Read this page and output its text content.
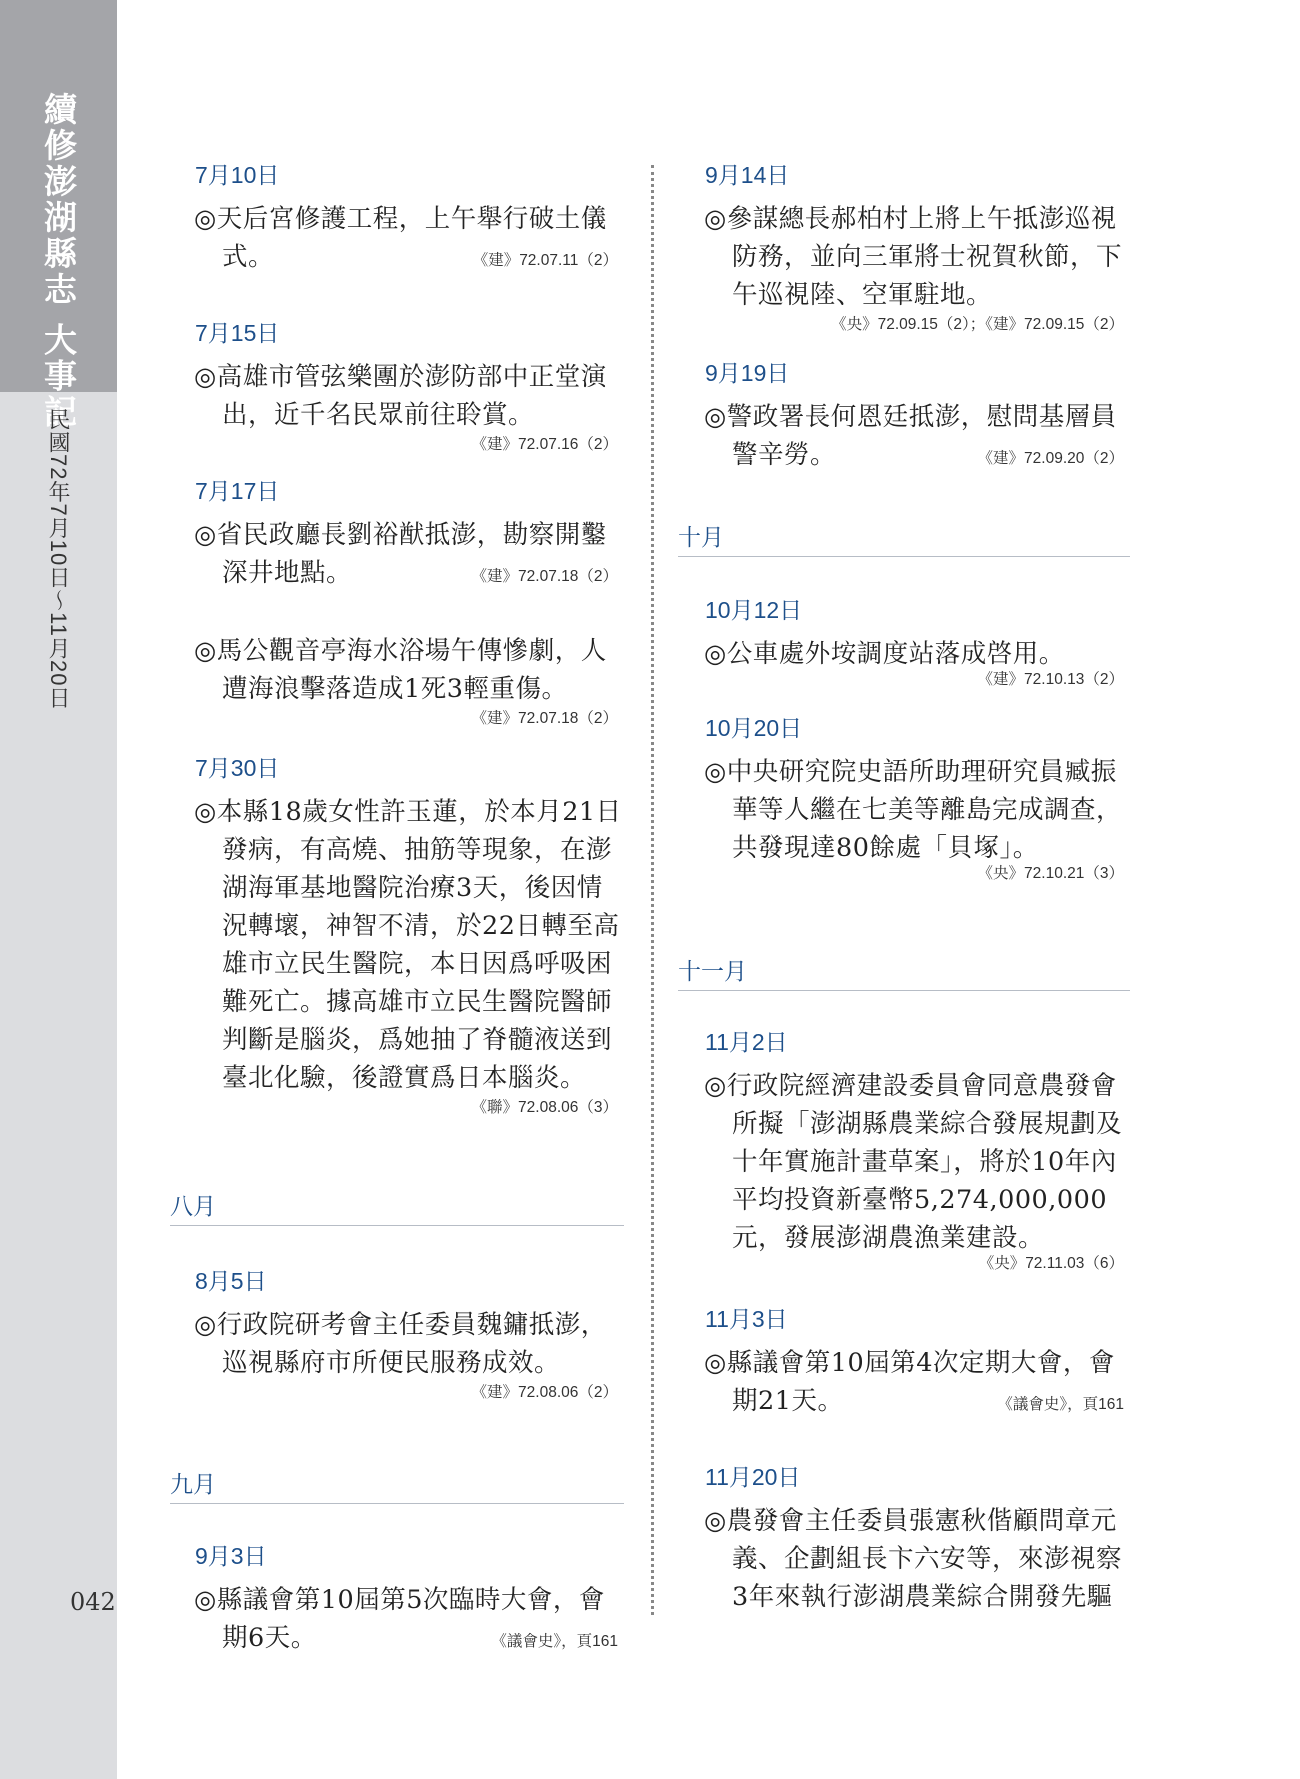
續修澎湖縣志 大事記
民國72年7月10日〜11月20日
042
7月10日
◎天后宮修護工程，上午舉行破土儀式。	《建》72.07.11（2）
7月15日
◎高雄市管弦樂團於澎防部中正堂演出，近千名民眾前往聆賞。
《建》72.07.16（2）
7月17日
◎省民政廳長劉裕猷抵澎，勘察開鑿深井地點。	《建》72.07.18（2）
◎馬公觀音亭海水浴場午傳慘劇，人遭海浪擊落造成1死3輕重傷。
《建》72.07.18（2）
7月30日
◎本縣18歲女性許玉蓮，於本月21日發病，有高燒、抽筋等現象，在澎湖海軍基地醫院治療3天，後因情況轉壞，神智不清，於22日轉至高雄市立民生醫院，本日因爲呼吸困難死亡。據高雄市立民生醫院醫師判斷是腦炎，爲她抽了脊髓液送到臺北化驗，後證實爲日本腦炎。
《聯》72.08.06（3）
八月
8月5日
◎行政院研考會主任委員魏鏞抵澎，巡視縣府市所便民服務成效。
《建》72.08.06（2）
九月
9月3日
◎縣議會第10屆第5次臨時大會，會期6天。	《議會史》，頁161
9月14日
◎參謀總長郝柏村上將上午抵澎巡視防務，並向三軍將士祝賀秋節，下午巡視陸、空軍駐地。
《央》72.09.15（2）；《建》72.09.15（2）
9月19日
◎警政署長何恩廷抵澎，慰問基層員警辛勞。	《建》72.09.20（2）
十月
10月12日
◎公車處外垵調度站落成啓用。
《建》72.10.13（2）
10月20日
◎中央研究院史語所助理研究員臧振華等人繼在七美等離島完成調查，共發現達80餘處「貝塚」。
《央》72.10.21（3）
十一月
11月2日
◎行政院經濟建設委員會同意農發會所擬「澎湖縣農業綜合發展規劃及十年實施計畫草案」，將於10年內平均投資新臺幣5,274,000,000元，發展澎湖農漁業建設。
《央》72.11.03（6）
11月3日
◎縣議會第10屆第4次定期大會，會期21天。	《議會史》，頁161
11月20日
◎農發會主任委員張憲秋偕顧問章元義、企劃組長卞六安等，來澎視察3年來執行澎湖農業綜合開發先驅
